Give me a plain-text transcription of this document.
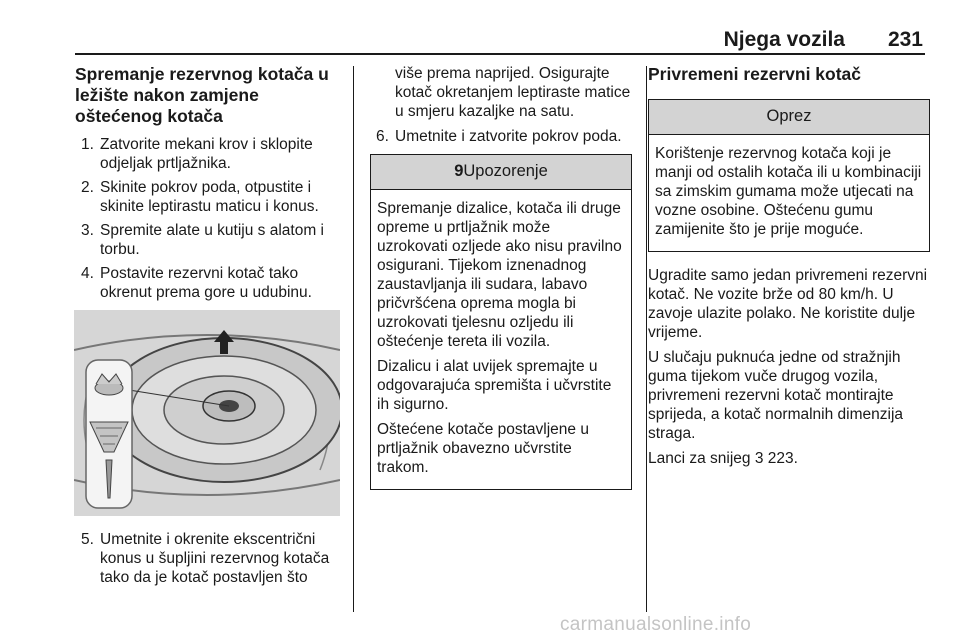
Njega vozila 231
Spremanje rezervnog kotača u ležište nakon zamjene oštećenog kotača
1. Zatvorite mekani krov i sklopite odjeljak prtljažnika.
2. Skinite pokrov poda, otpustite i skinite leptirastu maticu i konus.
3. Spremite alate u kutiju s alatom i torbu.
4. Postavite rezervni kotač tako okrenut prema gore u udubinu.
5. Umetnite i okrenite ekscentrični konus u šupljini rezervnog kotača tako da je kotač postavljen što

više prema naprijed. Osigurajte kotač okretanjem leptiraste matice u smjeru kazaljke na satu.

6. Umetnite i zatvorite pokrov poda.
9Upozorenje

Spremanje dizalice, kotača ili druge opreme u prtljažnik može uzrokovati ozljede ako nisu pravilno osigurani. Tijekom iznenadnog zaustavljanja ili sudara, labavo pričvršćena oprema mogla bi uzrokovati tjelesnu ozljedu ili oštećenje tereta ili vozila.

Dizalicu i alat uvijek spremajte u odgovarajuća spremišta i učvrstite ih sigurno.

Oštećene kotače postavljene u prtljažnik obavezno učvrstite trakom.

Privremeni rezervni kotač
Oprez

Korištenje rezervnog kotača koji je manji od ostalih kotača ili u kombinaciji sa zimskim gumama može utjecati na vozne osobine. Oštećenu gumu zamijenite što je prije moguće.

Ugradite samo jedan privremeni rezervni kotač. Ne vozite brže od 80 km/h. U zavoje ulazite polako. Ne koristite dulje vrijeme.

U slučaju puknuća jedne od stražnjih guma tijekom vuče drugog vozila, privremeni rezervni kotač montirajte sprijeda, a kotač normalnih dimenzija straga.

Lanci za snijeg 3 223.

carmanualsonline.info
